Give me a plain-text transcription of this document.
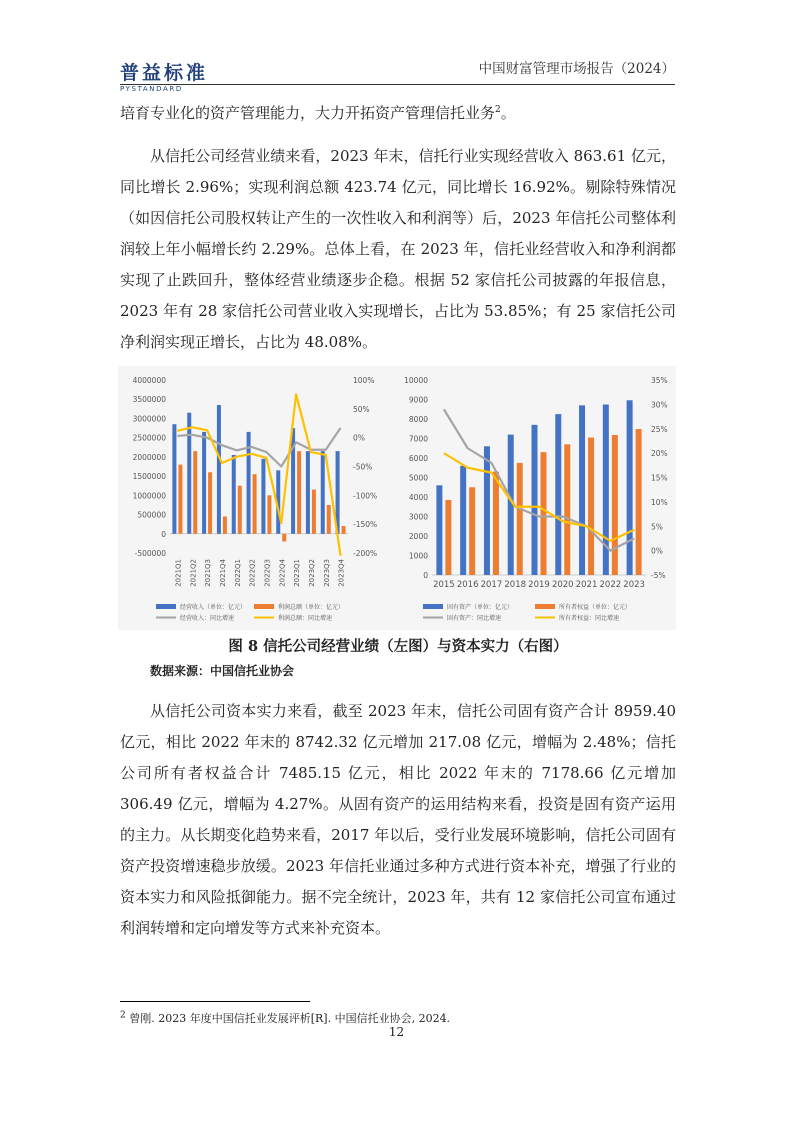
普益标准
PYSTANDARD
中国财富管理市场报告（2024）

培育专业化的资产管理能力，大力开拓资产管理信托业务$^2$。

从信托公司经营业绩来看，2023 年末，信托行业实现经营收入 863.61 亿元，同比增长 2.96%；实现利润总额 423.74 亿元，同比增长 16.92%。剔除特殊情况（如因信托公司股权转让产生的一次性收入和利润等）后，2023 年信托公司整体利润较上年小幅增长约 2.29%。总体上看，在 2023 年，信托业经营收入和净利润都实现了止跌回升，整体经营业绩逐步企稳。根据 52 家信托公司披露的年报信息，2023 年有 28 家信托公司营业收入实现增长，占比为 53.85%；有 25 家信托公司净利润实现正增长，占比为 48.08%。

4000000
3500000
3000000
2500000
2000000
1500000
1000000
500000
0
-500000
100%
50%
0%
-50%
-100%
-150%
-200%
2021Q1 2021Q2 2021Q3 2021Q4 2022Q1 2022Q2 2022Q3 2022Q4 2023Q1 2023Q2 2023Q3 2023Q4
经营收入（单位：亿元）	利润总额（单位：亿元）
经营收入：同比增速	利润总额：同比增速
10000
9000
8000
7000
6000
5000
4000
3000
2000
1000
0
35%
30%
25%
20%
15%
10%
5%
0%
-5%
2015 2016 2017 2018 2019 2020 2021 2022 2023
固有资产（单位：亿元）	所有者权益（单位：亿元）
固有资产：同比增速	所有者权益：同比增速
图 8 信托公司经营业绩（左图）与资本实力（右图）
数据来源：中国信托业协会

从信托公司资本实力来看，截至 2023 年末，信托公司固有资产合计 8959.40 亿元，相比 2022 年末的 8742.32 亿元增加 217.08 亿元，增幅为 2.48%；信托公司所有者权益合计 7485.15 亿元，相比 2022 年末的 7178.66 亿元增加 306.49 亿元，增幅为 4.27%。从固有资产的运用结构来看，投资是固有资产运用的主力。从长期变化趋势来看，2017 年以后，受行业发展环境影响，信托公司固有资产投资增速稳步放缓。2023 年信托业通过多种方式进行资本补充，增强了行业的资本实力和风险抵御能力。据不完全统计，2023 年，共有 12 家信托公司宣布通过利润转增和定向增发等方式来补充资本。

$^2$ 曾刚. 2023 年度中国信托业发展评析[R]. 中国信托业协会, 2024.
12
